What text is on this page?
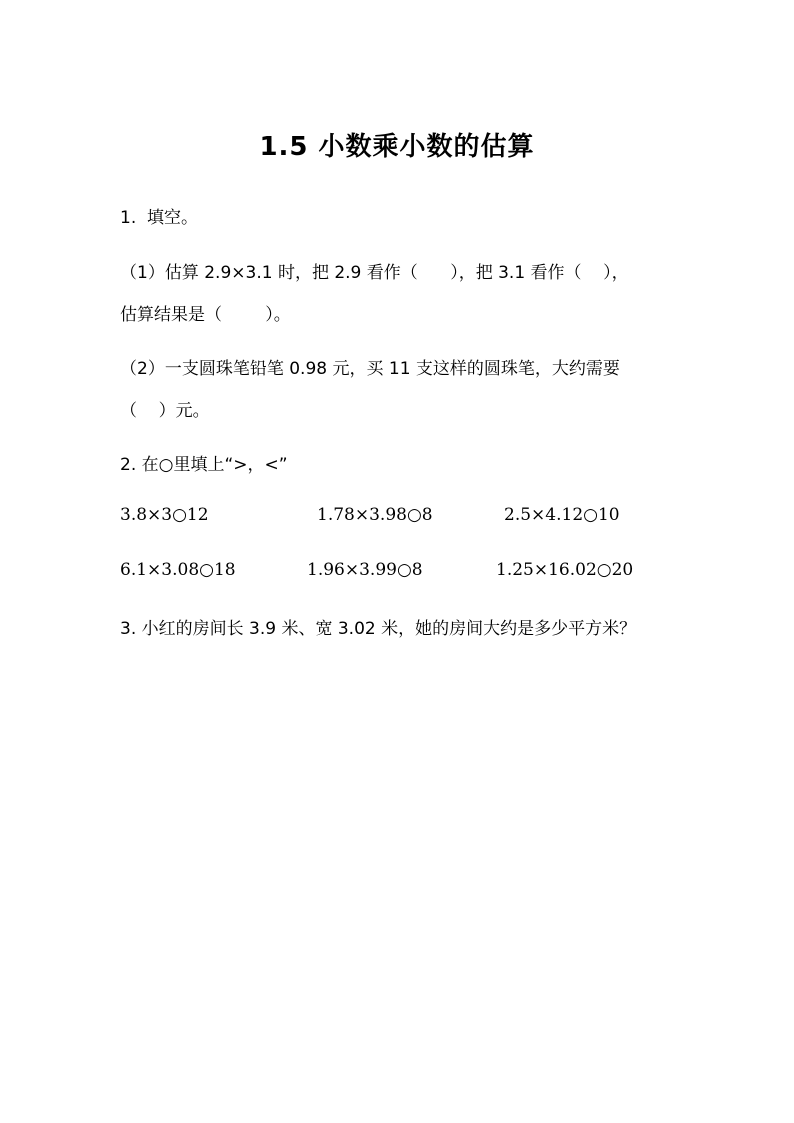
1.5 小数乘小数的估算
1.  填空。
（1）估算 2.9×3.1 时，把 2.9 看作（      ），把 3.1 看作（    ），
估算结果是（        ）。
（2）一支圆珠笔铅笔 0.98 元，买 11 支这样的圆珠笔，大约需要
（    ）元。
2. 在○里填上“>，<”
3.8×3○12	1.78×3.98○8	2.5×4.12○10
6.1×3.08○18	1.96×3.99○8	1.25×16.02○20
3. 小红的房间长 3.9 米、宽 3.02 米，她的房间大约是多少平方米？
